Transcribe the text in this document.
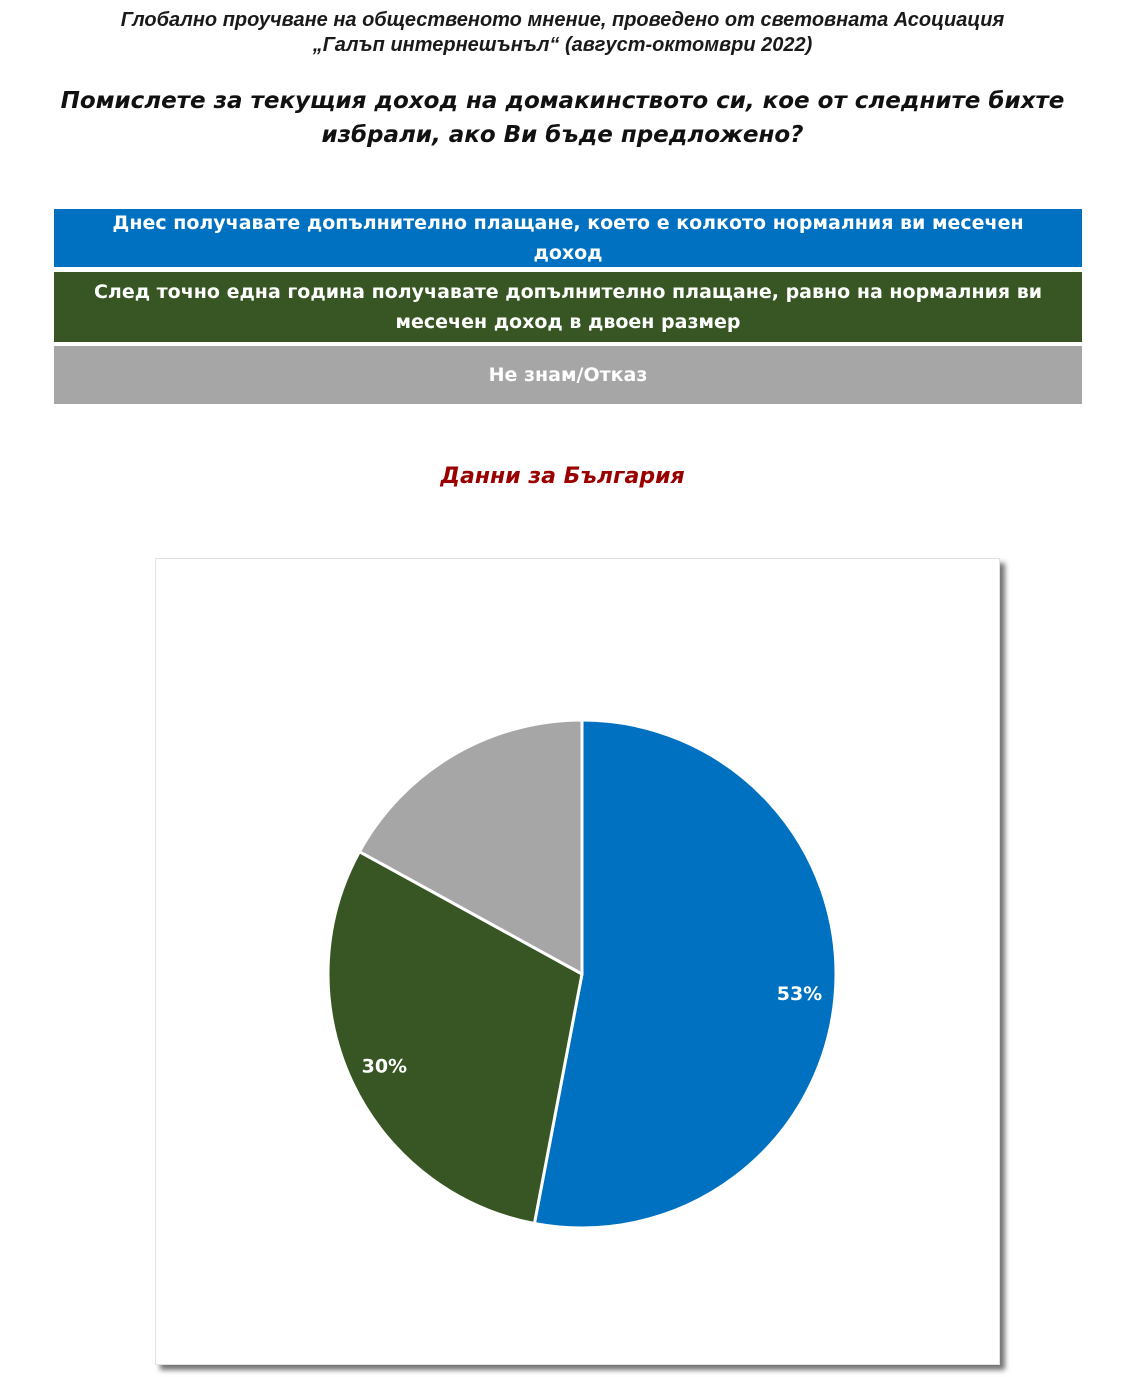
Глобално проучване на общественото мнение, проведено от световната Асоциация
„Галъп интернешънъл“ (август-октомври 2022)
Помислете за текущия доход на домакинството си, кое от следните бихте
избрали, ако Ви бъде предложено?
Днес получавате допълнително плащане, което е колкото нормалния ви месечен доход
След точно една година получавате допълнително плащане, равно на нормалния ви
месечен доход в двоен размер
Не знам/Отказ
Данни за България
53%
30%
